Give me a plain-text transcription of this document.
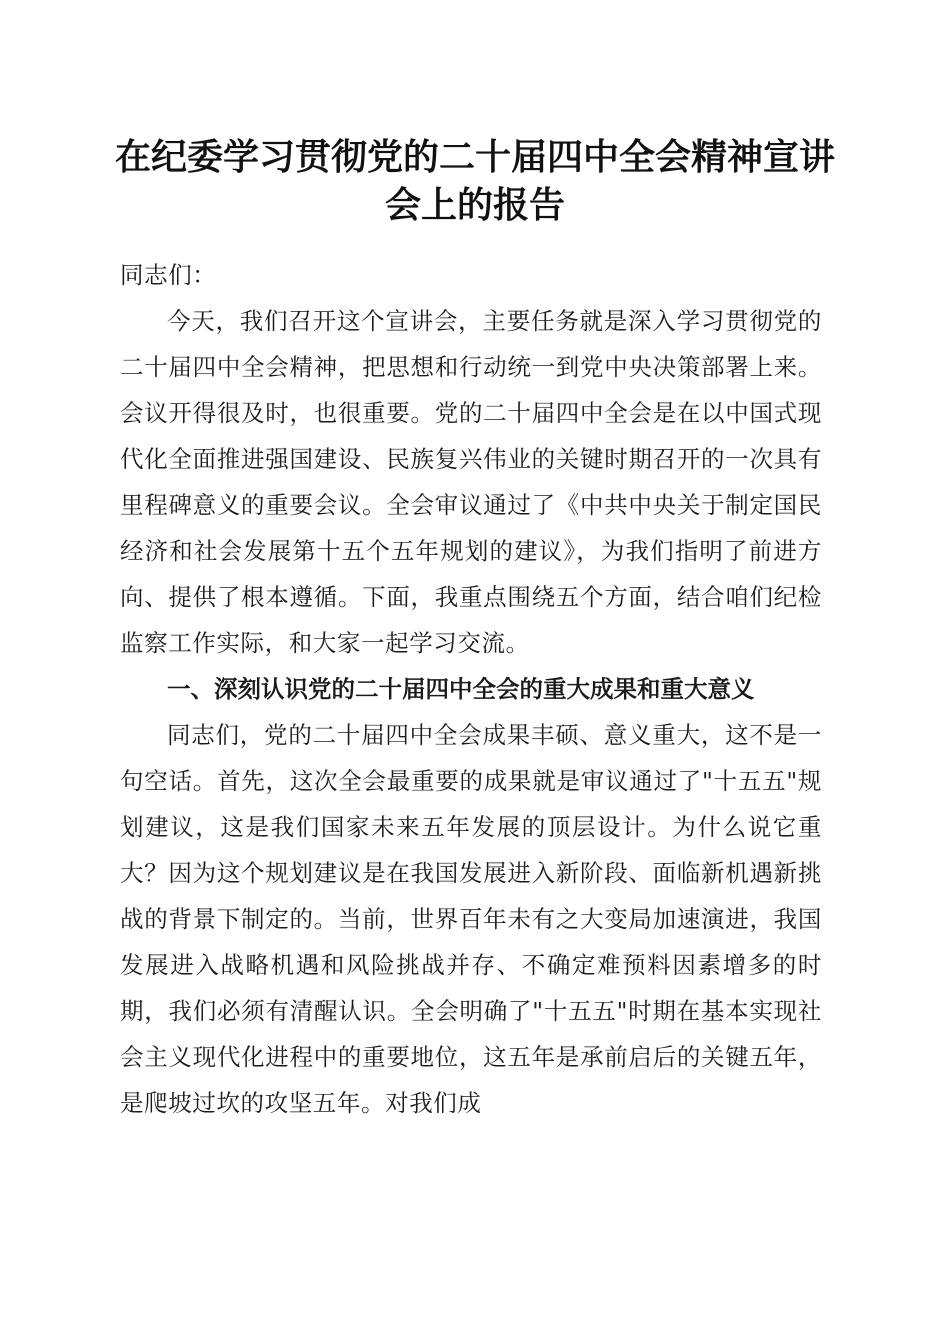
在纪委学习贯彻党的二十届四中全会精神宣讲会上的报告

同志们：

今天，我们召开这个宣讲会，主要任务就是深入学习贯彻党的二十届四中全会精神，把思想和行动统一到党中央决策部署上来。会议开得很及时，也很重要。党的二十届四中全会是在以中国式现代化全面推进强国建设、民族复兴伟业的关键时期召开的一次具有里程碑意义的重要会议。全会审议通过了《中共中央关于制定国民经济和社会发展第十五个五年规划的建议》，为我们指明了前进方向、提供了根本遵循。下面，我重点围绕五个方面，结合咱们纪检监察工作实际，和大家一起学习交流。

一、深刻认识党的二十届四中全会的重大成果和重大意义

同志们，党的二十届四中全会成果丰硕、意义重大，这不是一句空话。首先，这次全会最重要的成果就是审议通过了"十五五"规划建议，这是我们国家未来五年发展的顶层设计。为什么说它重大？因为这个规划建议是在我国发展进入新阶段、面临新机遇新挑战的背景下制定的。当前，世界百年未有之大变局加速演进，我国发展进入战略机遇和风险挑战并存、不确定难预料因素增多的时期，我们必须有清醒认识。全会明确了"十五五"时期在基本实现社会主义现代化进程中的重要地位，这五年是承前启后的关键五年，是爬坡过坎的攻坚五年。对我们成
